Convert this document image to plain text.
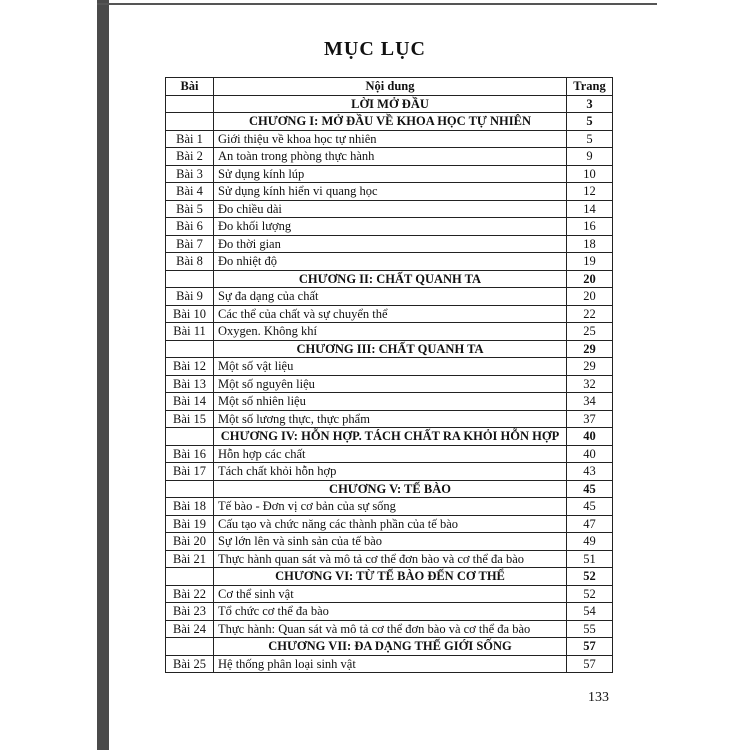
MỤC LỤC
Bài	Nội dung	Trang
	LỜI MỞ ĐẦU	3
	CHƯƠNG I: MỞ ĐẦU VỀ KHOA HỌC TỰ NHIÊN	5
Bài 1	Giới thiệu về khoa học tự nhiên	5
Bài 2	An toàn trong phòng thực hành	9
Bài 3	Sử dụng kính lúp	10
Bài 4	Sử dụng kính hiển vi quang học	12
Bài 5	Đo chiều dài	14
Bài 6	Đo khối lượng	16
Bài 7	Đo thời gian	18
Bài 8	Đo nhiệt độ	19
	CHƯƠNG II: CHẤT QUANH TA	20
Bài 9	Sự đa dạng của chất	20
Bài 10	Các thể của chất và sự chuyển thể	22
Bài 11	Oxygen. Không khí	25
	CHƯƠNG III: CHẤT QUANH TA	29
Bài 12	Một số vật liệu	29
Bài 13	Một số nguyên liệu	32
Bài 14	Một số nhiên liệu	34
Bài 15	Một số lương thực, thực phẩm	37
	CHƯƠNG IV: HỖN HỢP. TÁCH CHẤT RA KHỎI HỖN HỢP	40
Bài 16	Hỗn hợp các chất	40
Bài 17	Tách chất khỏi hỗn hợp	43
	CHƯƠNG V: TẾ BÀO	45
Bài 18	Tế bào - Đơn vị cơ bản của sự sống	45
Bài 19	Cấu tạo và chức năng các thành phần của tế bào	47
Bài 20	Sự lớn lên và sinh sản của tế bào	49
Bài 21	Thực hành quan sát và mô tả cơ thể đơn bào và cơ thể đa bào	51
	CHƯƠNG VI: TỪ TẾ BÀO ĐẾN CƠ THỂ	52
Bài 22	Cơ thể sinh vật	52
Bài 23	Tổ chức cơ thể đa bào	54
Bài 24	Thực hành: Quan sát và mô tả cơ thể đơn bào và cơ thể đa bào	55
	CHƯƠNG VII: ĐA DẠNG THẾ GIỚI SỐNG	57
Bài 25	Hệ thống phân loại sinh vật	57
133
